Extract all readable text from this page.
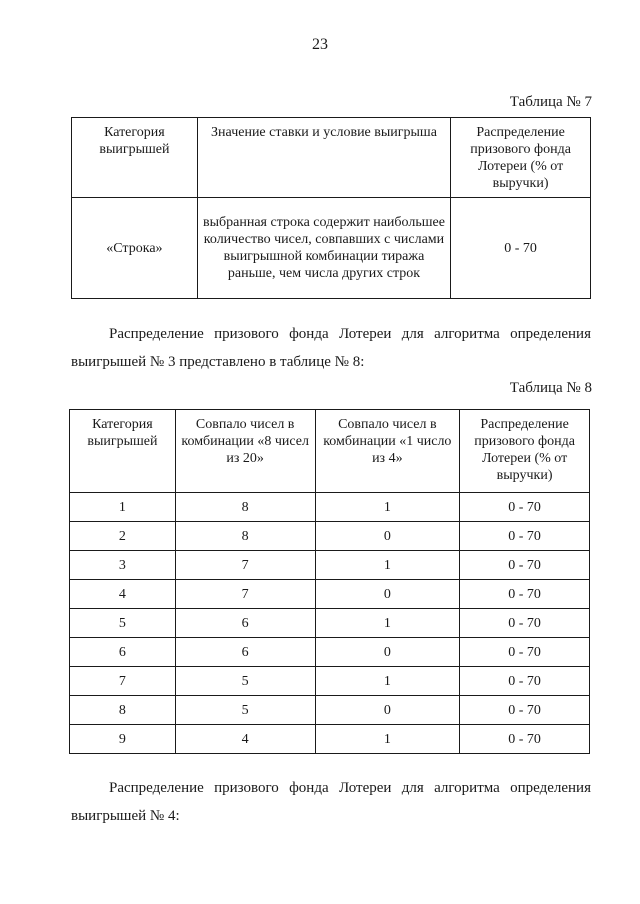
23
Таблица № 7
Категория выигрышей	Значение ставки и условие выигрыша	Распределение призового фонда Лотереи (% от выручки)
«Строка»	выбранная строка содержит наибольшее количество чисел, совпавших с числами выигрышной комбинации тиража раньше, чем числа других строк	0 - 70
Распределение призового фонда Лотереи для алгоритма определения
выигрышей № 3 представлено в таблице № 8:
Таблица № 8
Категория выигрышей	Совпало чисел в комбинации «8 чисел из 20»	Совпало чисел в комбинации «1 число из 4»	Распределение призового фонда Лотереи (% от выручки)
1	8	1	0 - 70
2	8	0	0 - 70
3	7	1	0 - 70
4	7	0	0 - 70
5	6	1	0 - 70
6	6	0	0 - 70
7	5	1	0 - 70
8	5	0	0 - 70
9	4	1	0 - 70
Распределение призового фонда Лотереи для алгоритма определения
выигрышей № 4:
